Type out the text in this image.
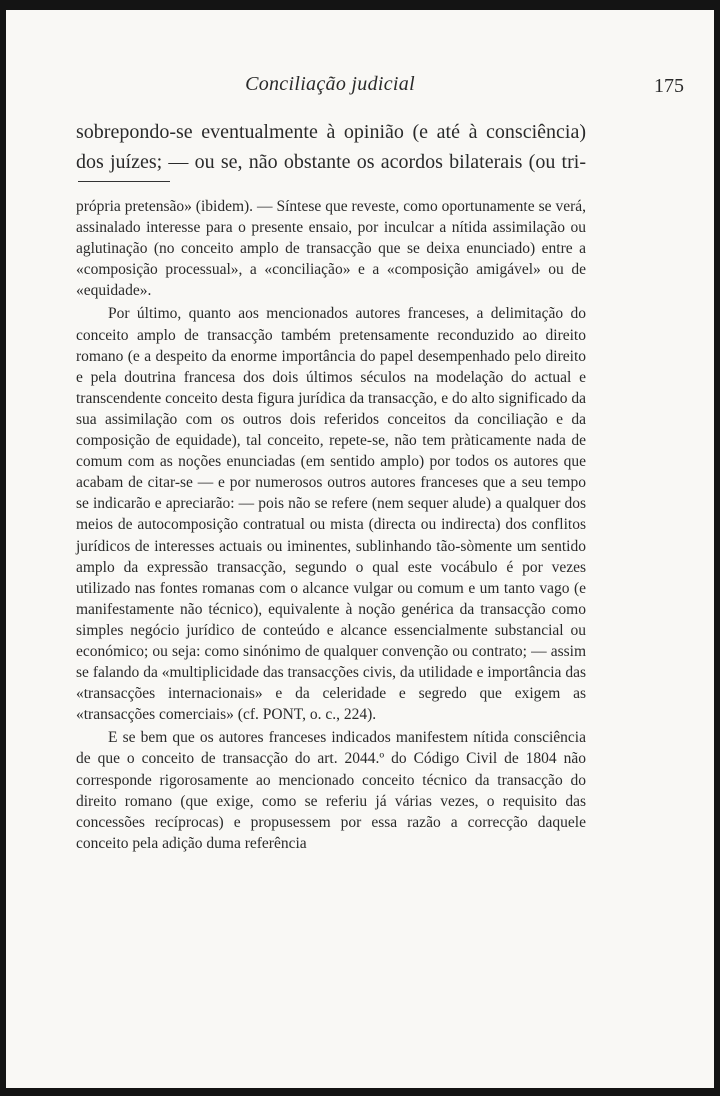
Conciliação judicial	175
sobrepondo-se eventualmente à opinião (e até à consciência) dos juízes; — ou se, não obstante os acordos bilaterais (ou tri-

própria pretensão» (ibidem). — Síntese que reveste, como oportunamente se verá, assinalado interesse para o presente ensaio, por inculcar a nítida assimilação ou aglutinação (no conceito amplo de transacção que se deixa enunciado) entre a «composição processual», a «conciliação» e a «composição amigável» ou de «equidade».

Por último, quanto aos mencionados autores franceses, a delimitação do conceito amplo de transacção também pretensamente reconduzido ao direito romano (e a despeito da enorme importância do papel desempenhado pelo direito e pela doutrina francesa dos dois últimos séculos na modelação do actual e transcendente conceito desta figura jurídica da transacção, e do alto significado da sua assimilação com os outros dois referidos conceitos da conciliação e da composição de equidade), tal conceito, repete-se, não tem pràticamente nada de comum com as noções enunciadas (em sentido amplo) por todos os autores que acabam de citar-se — e por numerosos outros autores franceses que a seu tempo se indicarão e apreciarão: — pois não se refere (nem sequer alude) a qualquer dos meios de autocomposição contratual ou mista (directa ou indirecta) dos conflitos jurídicos de interesses actuais ou iminentes, sublinhando tão-sòmente um sentido amplo da expressão transacção, segundo o qual este vocábulo é por vezes utilizado nas fontes romanas com o alcance vulgar ou comum e um tanto vago (e manifestamente não técnico), equivalente à noção genérica da transacção como simples negócio jurídico de conteúdo e alcance essencialmente substancial ou económico; ou seja: como sinónimo de qualquer convenção ou contrato; — assim se falando da «multiplicidade das transacções civis, da utilidade e importância das «transacções internacionais» e da celeridade e segredo que exigem as «transacções comerciais» (cf. PONT, o. c., 224).

E se bem que os autores franceses indicados manifestem nítida consciência de que o conceito de transacção do art. 2044.º do Código Civil de 1804 não corresponde rigorosamente ao mencionado conceito técnico da transacção do direito romano (que exige, como se referiu já várias vezes, o requisito das concessões recíprocas) e propusessem por essa razão a correcção daquele conceito pela adição duma referência
